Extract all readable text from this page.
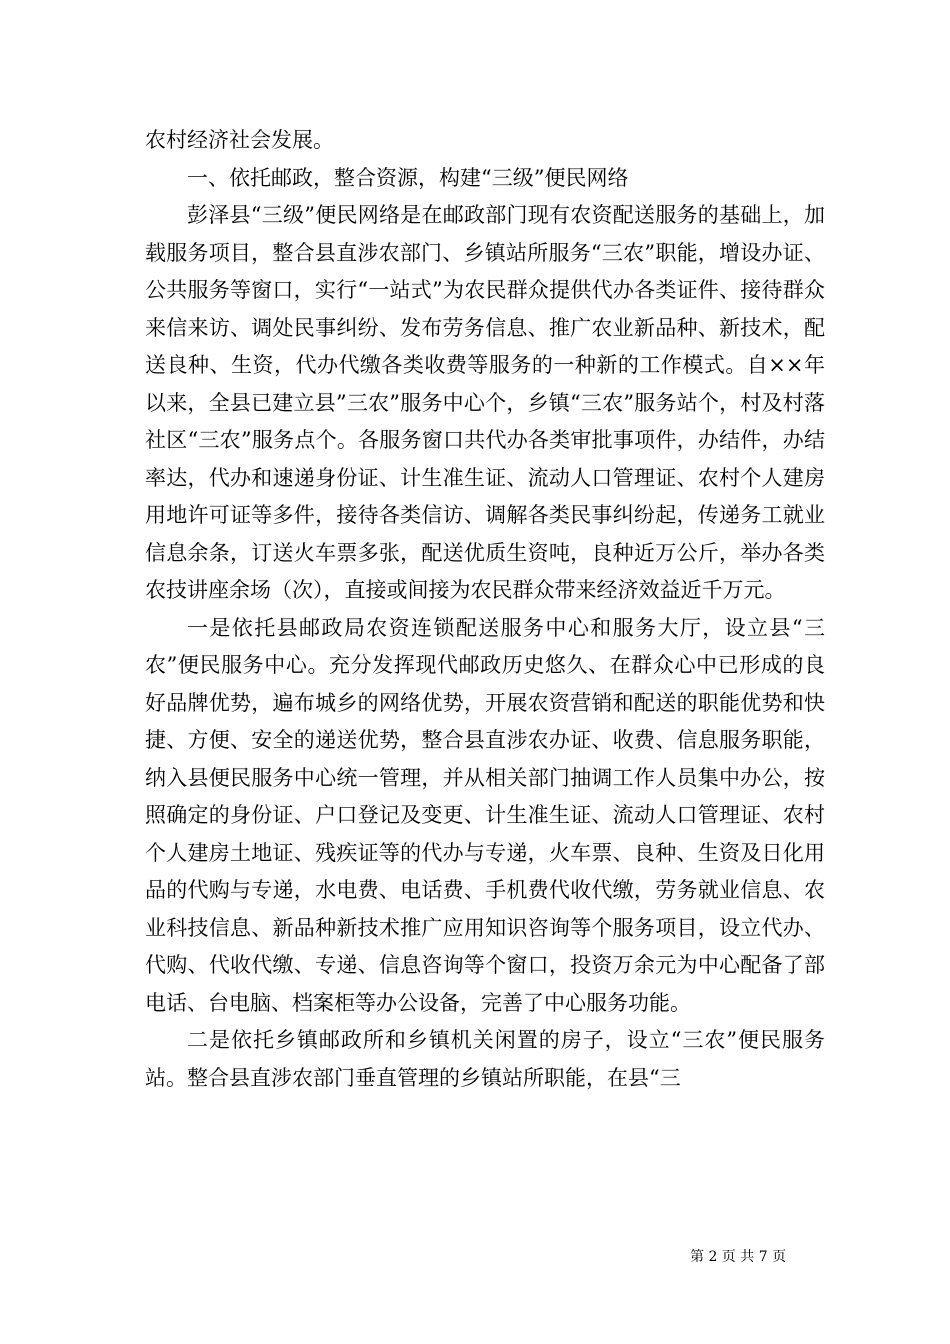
农村经济社会发展。

一、依托邮政，整合资源，构建“三级”便民网络

彭泽县“三级”便民网络是在邮政部门现有农资配送服务的基础上，加载服务项目，整合县直涉农部门、乡镇站所服务“三农”职能，增设办证、公共服务等窗口，实行“一站式”为农民群众提供代办各类证件、接待群众来信来访、调处民事纠纷、发布劳务信息、推广农业新品种、新技术，配送良种、生资，代办代缴各类收费等服务的一种新的工作模式。自××年以来，全县已建立县”三农”服务中心个，乡镇“三农”服务站个，村及村落社区“三农”服务点个。各服务窗口共代办各类审批事项件，办结件，办结率达，代办和速递身份证、计生准生证、流动人口管理证、农村个人建房用地许可证等多件，接待各类信访、调解各类民事纠纷起，传递务工就业信息余条，订送火车票多张，配送优质生资吨，良种近万公斤，举办各类农技讲座余场（次），直接或间接为农民群众带来经济效益近千万元。

一是依托县邮政局农资连锁配送服务中心和服务大厅，设立县“三农”便民服务中心。充分发挥现代邮政历史悠久、在群众心中已形成的良好品牌优势，遍布城乡的网络优势，开展农资营销和配送的职能优势和快捷、方便、安全的递送优势，整合县直涉农办证、收费、信息服务职能，纳入县便民服务中心统一管理，并从相关部门抽调工作人员集中办公，按照确定的身份证、户口登记及变更、计生准生证、流动人口管理证、农村个人建房土地证、残疾证等的代办与专递，火车票、良种、生资及日化用品的代购与专递，水电费、电话费、手机费代收代缴，劳务就业信息、农业科技信息、新品种新技术推广应用知识咨询等个服务项目，设立代办、代购、代收代缴、专递、信息咨询等个窗口，投资万余元为中心配备了部电话、台电脑、档案柜等办公设备，完善了中心服务功能。

二是依托乡镇邮政所和乡镇机关闲置的房子，设立“三农”便民服务站。整合县直涉农部门垂直管理的乡镇站所职能，在县“三

第 2 页 共 7 页
